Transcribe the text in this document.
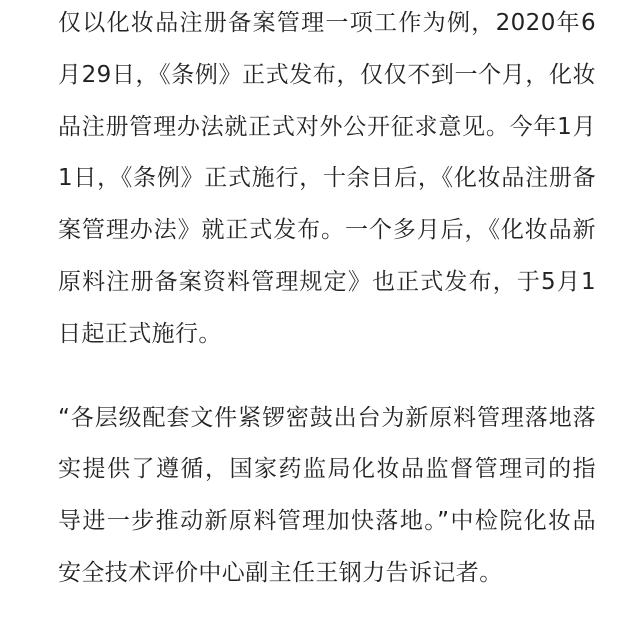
仅以化妆品注册备案管理一项工作为例，2020年6月29日，《条例》正式发布，仅仅不到一个月，化妆品注册管理办法就正式对外公开征求意见。今年1月1日，《条例》正式施行，十余日后，《化妆品注册备案管理办法》就正式发布。一个多月后，《化妆品新原料注册备案资料管理规定》也正式发布，于5月1日起正式施行。

“各层级配套文件紧锣密鼓出台为新原料管理落地落实提供了遵循，国家药监局化妆品监督管理司的指导进一步推动新原料管理加快落地。”中检院化妆品安全技术评价中心副主任王钢力告诉记者。
